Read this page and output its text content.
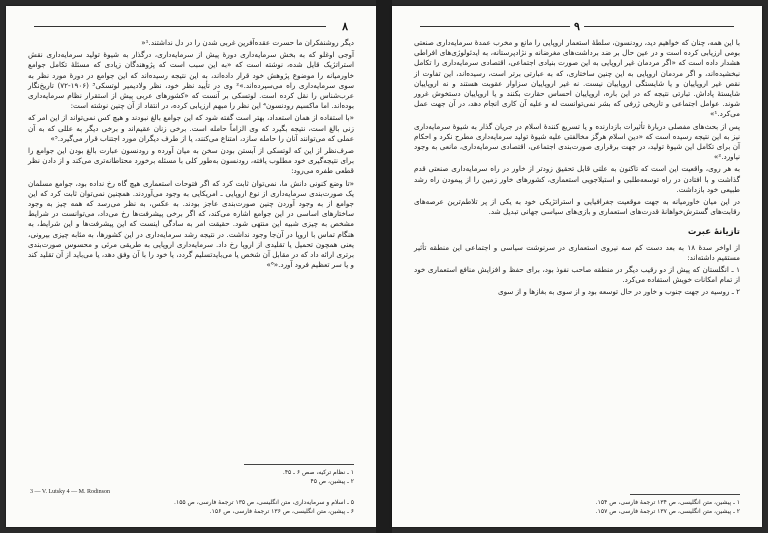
۸

دیگر روشنفکران ما حسرت عقده‌آفرین غربی شدن را در دل نداشتند.¹«

آوجی اوغلو که به بخش سرمایه‌داری دورهٔ پیش از سرمایه‌داری، درگذار به شیوهٔ تولید سرمایه‌داری نقش استراتژیک قایل شده، نوشته است که «به این سبب است که پژوهندگان زیادی که مسئلهٔ تکامل جوامع خاورمیانه را موضوع پژوهش خود قرار داده‌اند، به این نتیجه رسیده‌اند که این جوامع در دورهٔ مورد نظر به سوی سرمایه‌داری راه می‌سپرده‌اند.»² وی در تأیید نظر خود، نظر ولادیمیر لوتسکی³ (۱۹۰۶-۷۲) تاریخ‌نگار عرب‌شناس را نقل کرده است. لوتسکی بر آنست که «کشورهای عربی پیش از استقرار نظام سرمایه‌داری بوده‌اند. اما ماکسیم رودنسون⁴ این نظر را مبهم ارزیابی کرده، در انتقاد از آن چنین نوشته است:

«با استفاده از همان استعداد، بهتر است گفته شود که این جوامع بالغ نبودند و هیچ کس نمی‌تواند از این امر که زنی بالغ است، نتیجه بگیرد که وی الزاماً حامله است. برخی زنان عقیم‌اند و برخی دیگر به عللی که به آن عملی که می‌توانند آنان را حامله سازد، امتناع می‌کنند، یا از طرف دیگران مورد اجتناب قرار می‌گیرد.⁵»

صرف‌نظر از این که لوتسکی از آبستن بودن سخن به میان آورده و رودنسون عبارت بالغ بودن این جوامع را برای نتیجه‌گیری خود مطلوب یافته، رودنسون به‌طور کلی با مسئله برخورد محتاطانه‌تری می‌کند و از دادن نظر قطعی طفره می‌رود:

«تا وضع کنونی دانش ما، نمی‌توان ثابت کرد که اگر فتوحات استعماری هیچ گاه رخ نداده بود، جوامع مسلمان یک صورت‌بندی سرمایه‌داری از نوع اروپایی ـ امریکایی به وجود می‌آوردند. همچنین نمی‌توان ثابت کرد که این جوامع از به وجود آوردن چنین صورت‌بندی عاجز بودند. به عکس، به نظر می‌رسد که همه چیز به وجود ساختارهای اساسی در این جوامع اشاره می‌کند، که اگر برخی پیشرفت‌ها رخ می‌داد، می‌توانست در شرایط مشخص به چیزی شبیه این منتهی شود. حقیقت امر به سادگی اینست که این پیشرفت‌ها و این شرایط، به هنگام تماس با اروپا در آن‌جا وجود نداشت. در نتیجه رشد سرمایه‌داری در این کشورها، به مثابه چیزی بیرونی، یعنی همچون تحمیل یا تقلیدی از اروپا رخ داد. سرمایه‌داری اروپایی به طریقی مرئی و محسوس صورت‌بندی برتری ارائه داد که در مقابل آن شخص یا می‌بایدتسلیم گردد، یا خود را با آن وفق دهد، یا می‌باید از آن تقلید کند و یا سر تعظیم فرود آورد.«⁶»

۱ ـ نظام ترکیه، صص ۶ ـ ۴۵.
۲ ـ پیشین، ص ۴۵
3 — V. Lutsky 4 — M. Rodinson
۵ ـ اسلام و سرمایه‌داری، متن انگلیسی، ص ۱۳۵ ترجمهٔ فارسی، ص ۱۵۵.
۶ ـ پیشین، متن انگلیسی، ص ۱۳۶ ترجمهٔ فارسی، ص ۱۵۶.
۹

با این همه، چنان که خواهیم دید، رودنسون، سلطهٔ استعمار اروپایی را مانع و مخرب عمدهٔ سرمایه‌داری صنعتی بومی ارزیابی کرده است و در عین حال بر ضد برداشت‌های مغرضانه و نژادپرستانه، به ایدئولوژی‌های افراطی هشدار داده است که «اگر مردمان غیر اروپایی به این صورت بنیادی اجتماعی، اقتصادی سرمایه‌داری را تکامل نبخشیده‌اند، و اگر مردمان اروپایی به این چنین ساختاری، که به عبارتی برتر است، رسیده‌اند، این تفاوت از نقص غیر اروپاییان و یا شایستگی اروپاییان نیست. نه غیر اروپاییان سزاوار عقوبت هستند و نه اروپاییان شایستهٔ پاداش. تبارتی نتیجه که در این باره، اروپاییان احساس حقارت بکنند و یا اروپاییان دستخوش غرور شوند. عوامل اجتماعی و تاریخی ژرفی که بشر نمی‌توانست له و علیه آن کاری انجام دهد، در آن جهت عمل می‌کرد.¹»

پس از بحث‌های مفصلی دربارهٔ تأثیرات بازدارنده و یا تسریع کنندهٔ اسلام در جریان گذار به شیوهٔ سرمایه‌داری نیز به این نتیجه رسیده است که «دین اسلام هرگز مخالفتی علیه شیوهٔ تولید سرمایه‌داری مطرح نکرد و احکام آن برای تکامل این شیوهٔ تولید، در جهت برقراری صورت‌بندی اجتماعی، اقتصادی سرمایه‌داری، مانعی به وجود نیاورد.²»

به هر روی، واقعیت این است که تاکنون به علتی قابل تحقیق زودتر از خاور در راه سرمایه‌داری صنعتی قدم گذاشت و با افتادن در راه توسعه‌طلبی و استیلاجویی استعماری، کشورهای خاور زمین را از پیمودن راه رشد طبیعی خود بازداشت.

در این میان خاورمیانه به جهت موقعیت جغرافیایی و استراتژیکی خود به یکی از پر تلاطم‌ترین عرصه‌های رقابت‌های گسترش‌خواهانهٔ قدرت‌های استعماری و بازی‌های سیاسی جهانی تبدیل شد.

تازیانهٔ عبرت

از اواخر سدهٔ ۱۸ به بعد دست کم سه نیروی استعماری در سرنوشت سیاسی و اجتماعی این منطقه تأثیر مستقیم داشته‌اند:

۱ ـ انگلستان که پیش از دو رقیب دیگر در منطقه صاحب نفوذ بود، برای حفظ و افزایش منافع استعماری خود از تمام امکانات خویش استفاده می‌کرد.

۲ ـ روسیه در جهت جنوب و خاور در حال توسعه بود و از سوی به بغازها و از سوی

۱ ـ پیشین، متن انگلیسی، ص ۱۳۴ ترجمهٔ فارسی، ص ۱۵۴.
۲ ـ پیشین، متن انگلیسی، ص ۱۳۷ ترجمهٔ فارسی، ص ۱۵۷.
